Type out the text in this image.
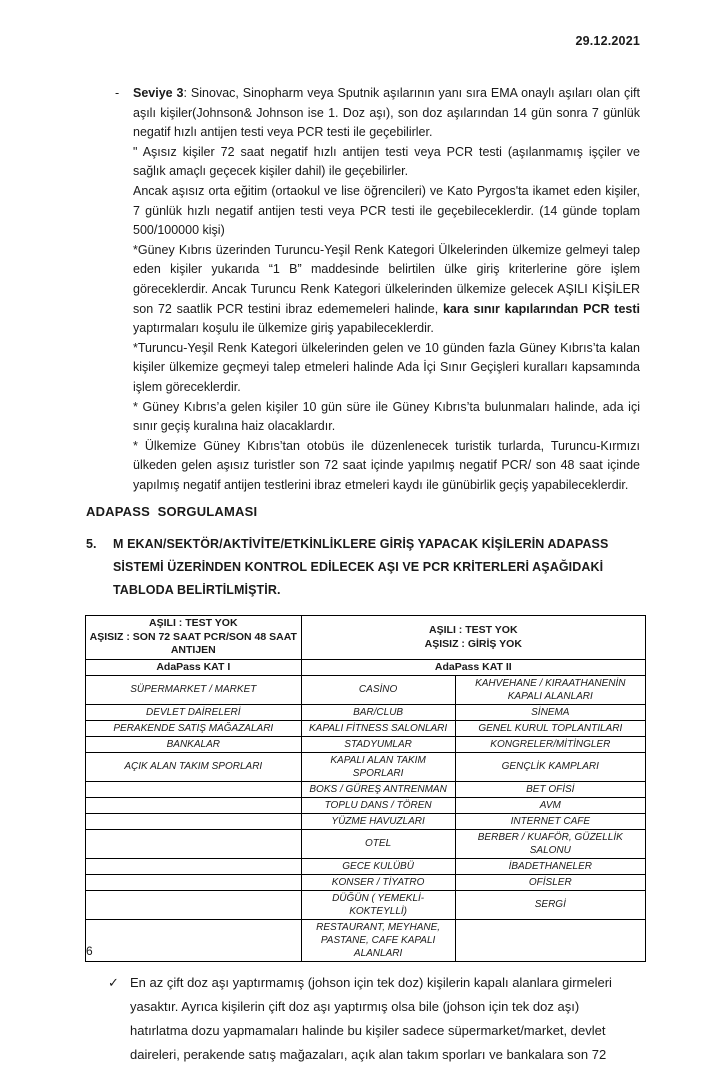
29.12.2021
-	Seviye 3: Sinovac, Sinopharm veya Sputnik aşılarının yanı sıra EMA onaylı aşıları olan çift aşılı kişiler(Johnson& Johnson ise 1. Doz aşı), son doz aşılarından 14 gün sonra 7 günlük negatif hızlı antijen testi veya PCR testi ile geçebilirler.

" Aşısız kişiler 72 saat negatif hızlı antijen testi veya PCR testi (aşılanmamış işçiler ve sağlık amaçlı geçecek kişiler dahil) ile geçebilirler.

Ancak aşısız orta eğitim (ortaokul ve lise öğrencileri) ve Kato Pyrgos'ta ikamet eden kişiler, 7 günlük hızlı negatif antijen testi veya PCR testi ile geçebileceklerdir. (14 günde toplam 500/100000 kişi)

*Güney Kıbrıs üzerinden Turuncu-Yeşil Renk Kategori Ülkelerinden ülkemize gelmeyi talep eden kişiler yukarıda “1 B” maddesinde belirtilen ülke giriş kriterlerine göre işlem göreceklerdir. Ancak Turuncu Renk Kategori ülkelerinden ülkemize gelecek AŞILI KİŞİLER son 72 saatlik PCR testini ibraz edememeleri halinde, kara sınır kapılarından PCR testi yaptırmaları koşulu ile ülkemize giriş yapabileceklerdir.

*Turuncu-Yeşil Renk Kategori ülkelerinden gelen ve 10 günden fazla Güney Kıbrıs’ta kalan kişiler ülkemize geçmeyi talep etmeleri halinde Ada İçi Sınır Geçişleri kuralları kapsamında işlem göreceklerdir.

* Güney Kıbrıs’a gelen kişiler 10 gün süre ile Güney Kıbrıs’ta bulunmaları halinde, ada içi sınır geçiş kuralına haiz olacaklardır.

* Ülkemize Güney Kıbrıs’tan otobüs ile düzenlenecek turistik turlarda, Turuncu-Kırmızı ülkeden gelen aşısız turistler son 72 saat içinde yapılmış negatif PCR/ son 48 saat içinde yapılmış negatif antijen testlerini ibraz etmeleri kaydı ile günübirlik geçiş yapabileceklerdir.

ADAPASS  SORGULAMASI
5.	M EKAN/SEKTÖR/AKTİVİTE/ETKİNLİKLERE GİRİŞ YAPACAK KİŞİLERİN ADAPASS SİSTEMİ ÜZERİNDEN KONTROL EDİLECEK AŞI VE PCR KRİTERLERİ AŞAĞIDAKİ TABLODA BELİRTİLMİŞTİR.
AŞILI : TEST YOK
AŞISIZ : SON 72 SAAT PCR/SON 48 SAAT ANTIJEN

AŞILI : TEST YOK
AŞISIZ : GİRİŞ YOK

AdaPass KAT I	AdaPass KAT II	
SÜPERMARKET / MARKET	CASİNO	KAHVEHANE / KIRAATHANENİN KAPALI ALANLARI
DEVLET DAİRELERİ	BAR/CLUB	SİNEMA
PERAKENDE SATIŞ MAĞAZALARI	KAPALI FİTNESS SALONLARI	GENEL KURUL TOPLANTILARI
BANKALAR	STADYUMLAR	KONGRELER/MİTİNGLER
AÇIK ALAN TAKIM SPORLARI	KAPALI ALAN TAKIM SPORLARI	GENÇLİK KAMPLARI
	BOKS / GÜREŞ ANTRENMAN	BET OFİSİ
	TOPLU DANS / TÖREN	AVM
	YÜZME HAVUZLARI	INTERNET CAFE
	OTEL	BERBER / KUAFÖR, GÜZELLİK SALONU
	GECE KULÜBÜ	İBADETHANELER
	KONSER / TİYATRO	OFİSLER
	DÜĞÜN ( YEMEKLİ-KOKTEYLLİ)	SERGİ
	RESTAURANT, MEYHANE, PASTANE, CAFE KAPALI ALANLARI	
✓ En az çift doz aşı yaptırmamış (johson için tek doz) kişilerin kapalı alanlara girmeleri yasaktır. Ayrıca kişilerin çift doz aşı yaptırmış olsa bile (johson için tek doz aşı) hatırlatma dozu yapmamaları halinde bu kişiler sadece süpermarket/market, devlet daireleri, perakende satış mağazaları, açık alan takım sporları ve bankalara son 72
6
